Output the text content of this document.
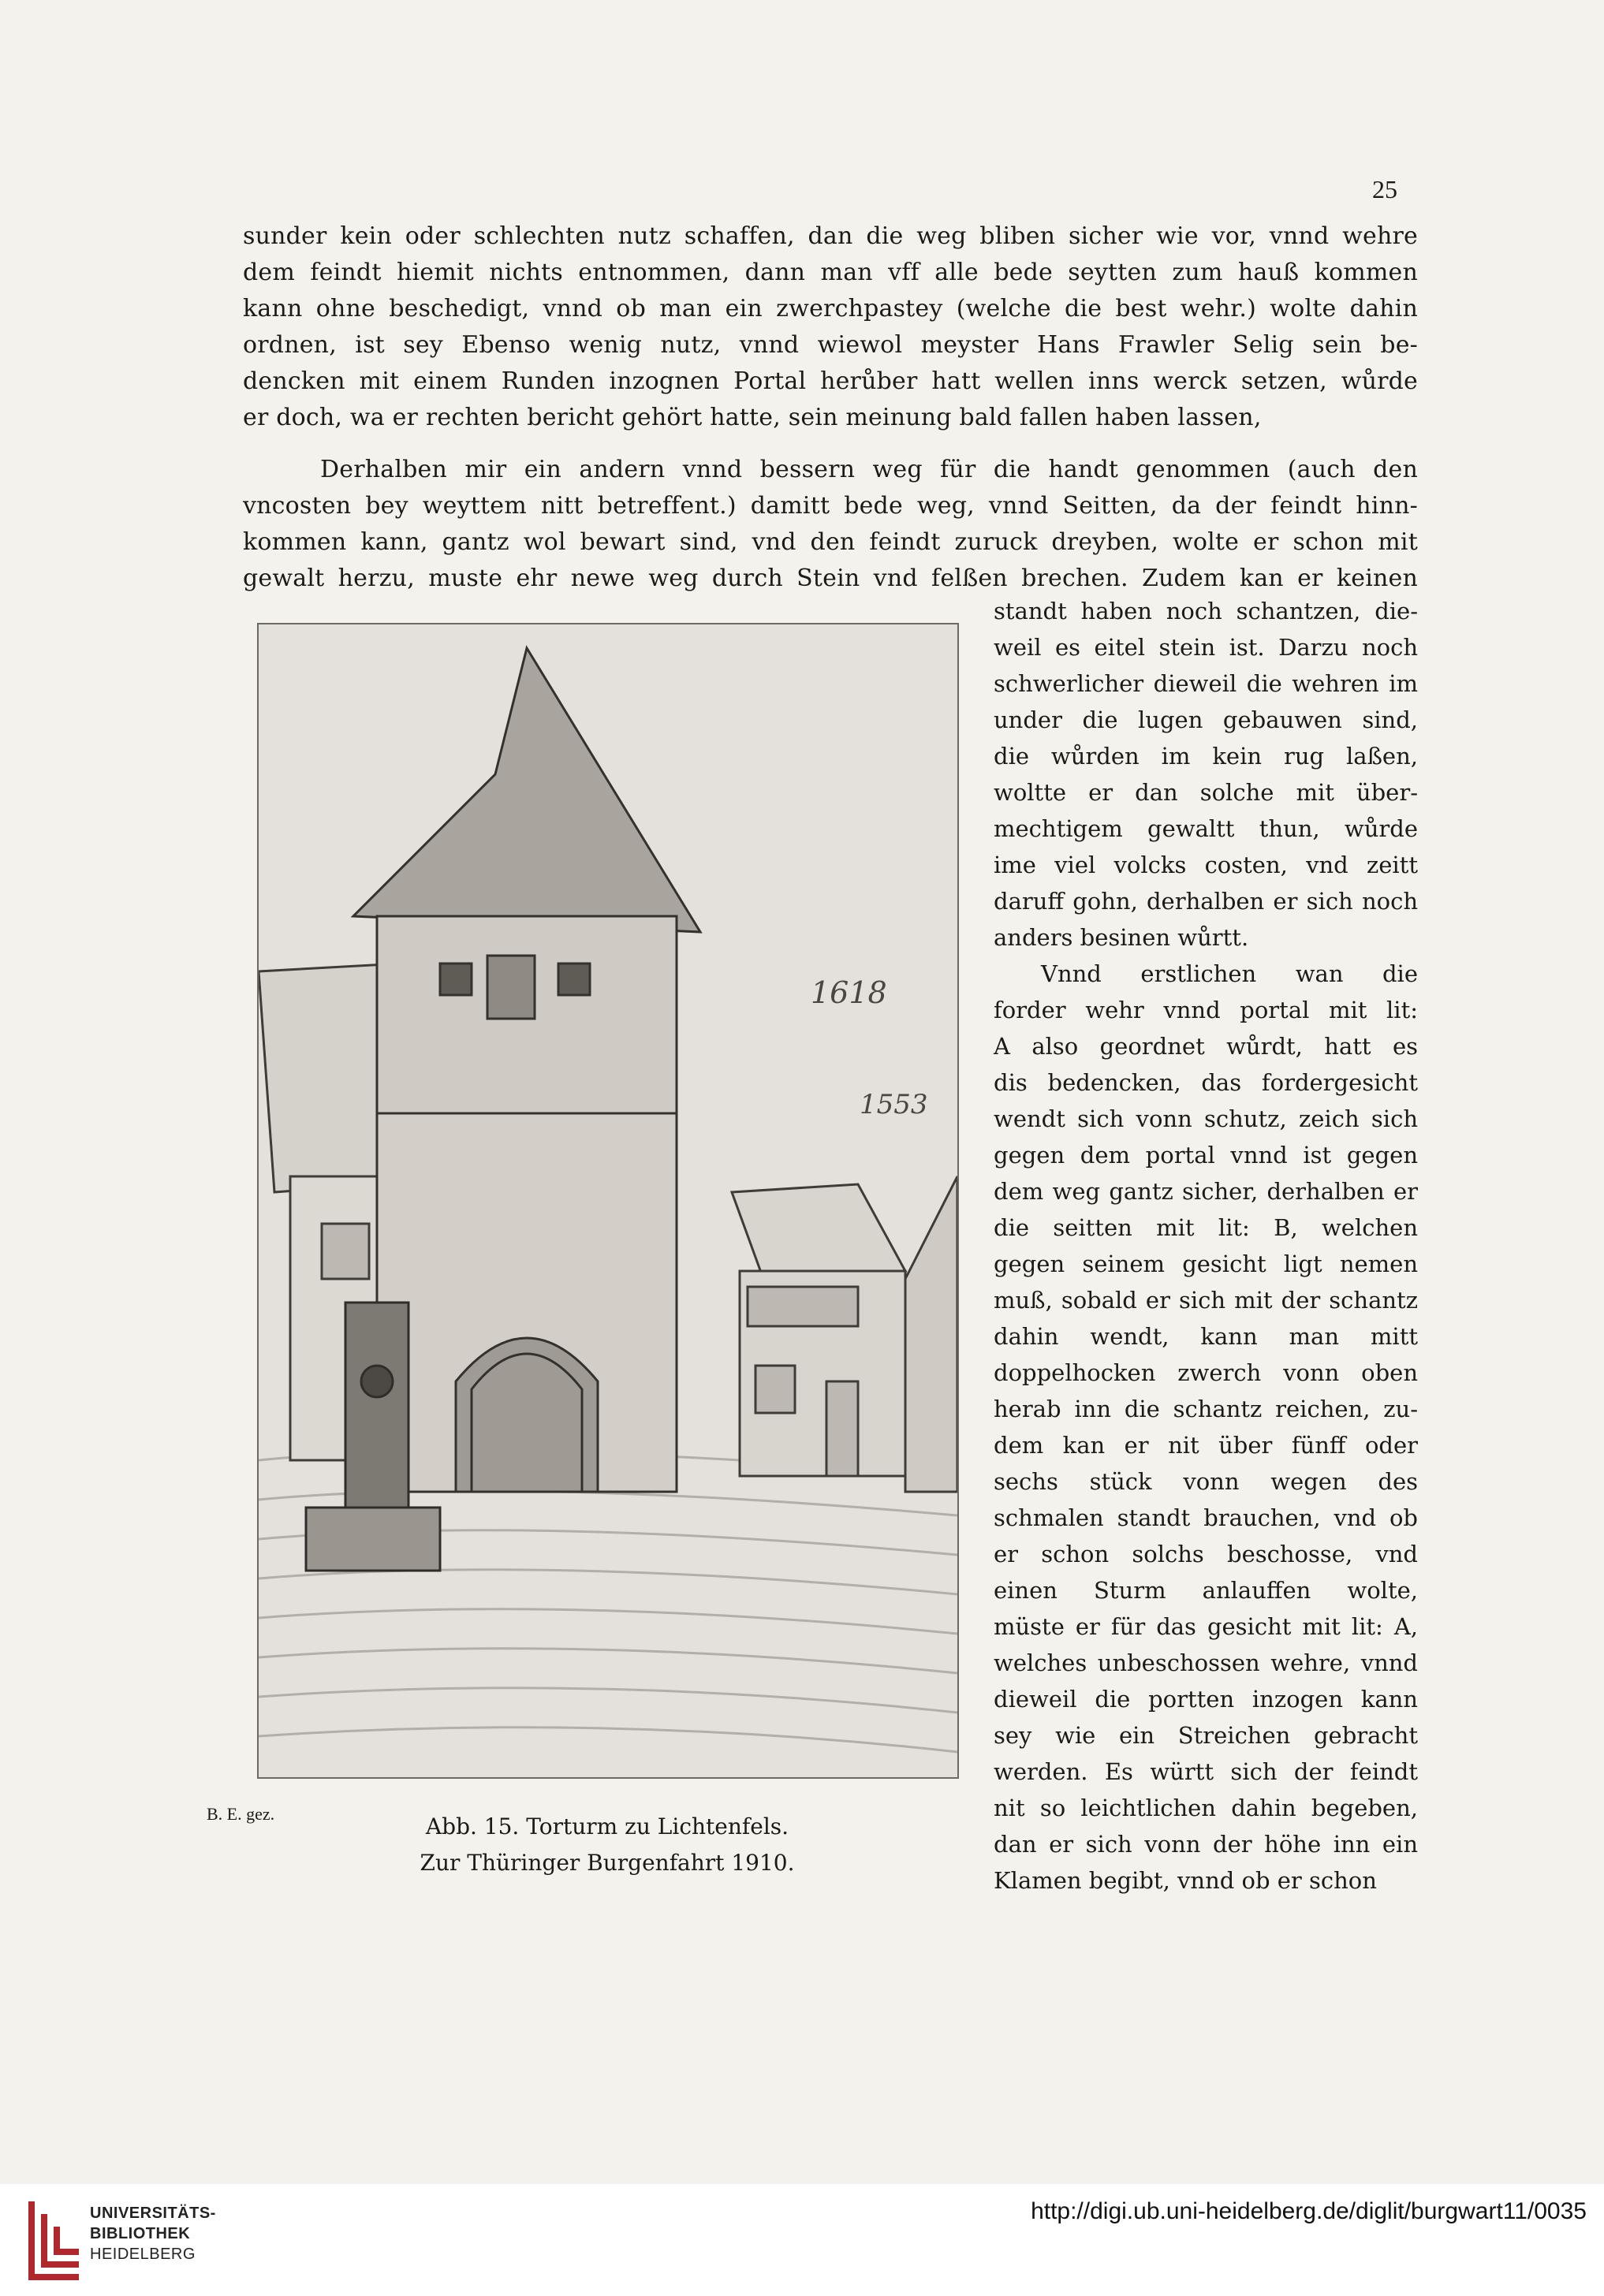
25
sunder kein oder schlechten nutz schaffen, dan die weg bliben sicher wie vor, vnnd wehre
dem feindt hiemit nichts entnommen, dann man vff alle bede seytten zum hauß kommen
kann ohne beschedigt, vnnd ob man ein zwerchpastey (welche die best wehr.) wolte dahin
ordnen, ist sey Ebenso wenig nutz, vnnd wiewol meyster Hans Frawler Selig sein be-
dencken mit einem Runden inzognen Portal herůber hatt wellen inns werck setzen, wůrde
er doch, wa er rechten bericht gehört hatte, sein meinung bald fallen haben lassen,
Derhalben mir ein andern vnnd bessern weg für die handt genommen (auch den
vncosten bey weyttem nitt betreffent.) damitt bede weg, vnnd Seitten, da der feindt hinn-
kommen kann, gantz wol bewart sind, vnd den feindt zuruck dreyben, wolte er schon mit
gewalt herzu, muste ehr newe weg durch Stein vnd felßen brechen. Zudem kan er keinen
standt haben noch schantzen, die-
weil es eitel stein ist. Darzu noch
schwerlicher dieweil die wehren im
under die lugen gebauwen sind,
die wůrden im kein rug laßen,
woltte er dan solche mit über-
mechtigem gewaltt thun, wůrde
ime viel volcks costen, vnd zeitt
daruff gohn, derhalben er sich noch
anders besinen wůrtt.
Vnnd erstlichen wan die
forder wehr vnnd portal mit lit:
A also geordnet wůrdt, hatt es
dis bedencken, das fordergesicht
wendt sich vonn schutz, zeich sich
gegen dem portal vnnd ist gegen
dem weg gantz sicher, derhalben er
die seitten mit lit: B, welchen
gegen seinem gesicht ligt nemen
muß, sobald er sich mit der schantz
dahin wendt, kann man mitt
doppelhocken zwerch vonn oben
herab inn die schantz reichen, zu-
dem kan er nit über fünff oder
sechs stück vonn wegen des
schmalen standt brauchen, vnd ob
er schon solchs beschosse, vnd
einen Sturm anlauffen wolte,
müste er für das gesicht mit lit: A,
welches unbeschossen wehre, vnnd
dieweil die portten inzogen kann
sey wie ein Streichen gebracht
werden. Es württ sich der feindt
nit so leichtlichen dahin begeben,
dan er sich vonn der höhe inn ein
Klamen begibt, vnnd ob er schon
1618
1553
B. E. gez.	Abb. 15. Torturm zu Lichtenfels.
Zur Thüringer Burgenfahrt 1910.
UNIVERSITÄTS-
BIBLIOTHEK
HEIDELBERG
http://digi.ub.uni-heidelberg.de/diglit/burgwart11/0035
